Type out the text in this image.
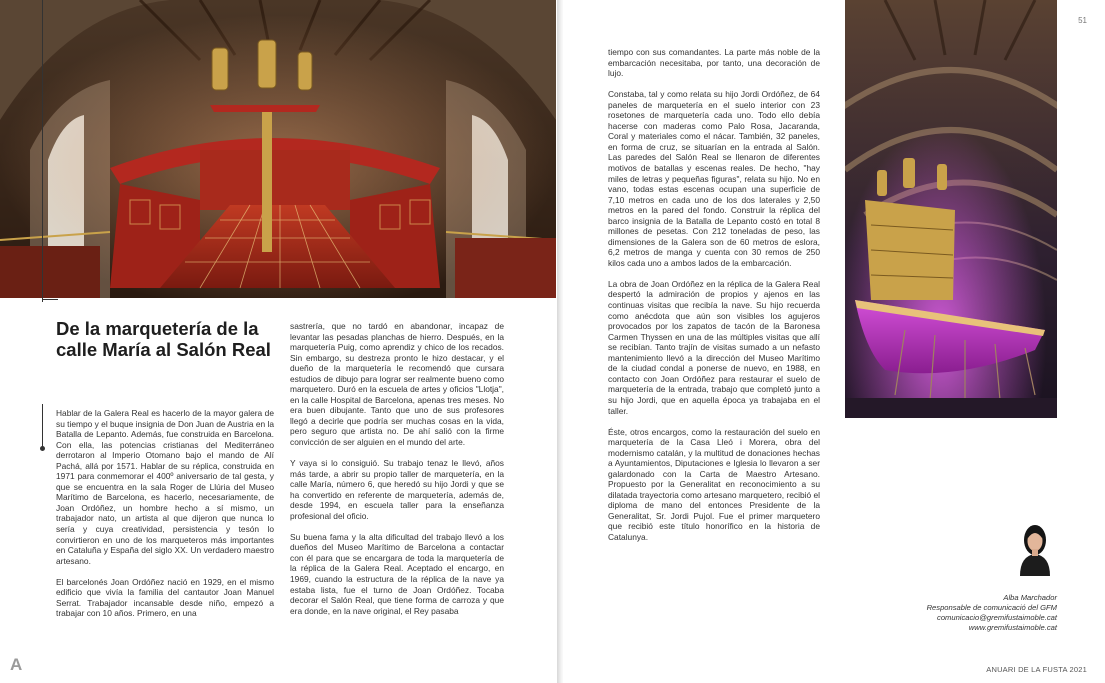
De la marquetería de la calle María al Salón Real

Hablar de la Galera Real es hacerlo de la mayor galera de su tiempo y el buque insignia de Don Juan de Austria en la Batalla de Lepanto. Además, fue construida en Barcelona. Con ella, las potencias cristianas del Mediterráneo derrotaron al Imperio Otomano bajo el mando de Alí Pachá, allá por 1571. Hablar de su réplica, construida en 1971 para conmemorar el 400º aniversario de tal gesta, y que se encuentra en la sala Roger de Llúria del Museo Marítimo de Barcelona, es hacerlo, necesariamente, de Joan Ordóñez, un hombre hecho a sí mismo, un trabajador nato, un artista al que dijeron que nunca lo sería y cuya creatividad, persistencia y tesón lo convirtieron en uno de los marqueteros más importantes en Cataluña y España del siglo XX. Un verdadero maestro artesano.

El barcelonés Joan Ordóñez nació en 1929, en el mismo edificio que vivía la familia del cantautor Joan Manuel Serrat. Trabajador incansable desde niño, empezó a trabajar con 10 años. Primero, en una

sastrería, que no tardó en abandonar, incapaz de levantar las pesadas planchas de hierro. Después, en la marquetería Puig, como aprendiz y chico de los recados. Sin embargo, su destreza pronto le hizo destacar, y el dueño de la marquetería le recomendó que cursara estudios de dibujo para lograr ser realmente bueno como marquetero. Duró en la escuela de artes y oficios "Llotja", en la calle Hospital de Barcelona, apenas tres meses. No era buen dibujante. Tanto que uno de sus profesores llegó a decirle que podría ser muchas cosas en la vida, pero seguro que artista no. De ahí salió con la firme convicción de ser alguien en el mundo del arte.

Y vaya si lo consiguió. Su trabajo tenaz le llevó, años más tarde, a abrir su propio taller de marquetería, en la calle María, número 6, que heredó su hijo Jordi y que se ha convertido en referente de marquetería, además de, desde 1994, en escuela taller para la enseñanza profesional del oficio.

Su buena fama y la alta dificultad del trabajo llevó a los dueños del Museo Marítimo de Barcelona a contactar con él para que se encargara de toda la marquetería de la réplica de la Galera Real. Aceptado el encargo, en 1969, cuando la estructura de la réplica de la nave ya estaba lista, fue el turno de Joan Ordóñez. Tocaba decorar el Salón Real, que tiene forma de carroza y que era donde, en la nave original, el Rey pasaba

A

tiempo con sus comandantes. La parte más noble de la embarcación necesitaba, por tanto, una decoración de lujo.

Constaba, tal y como relata su hijo Jordi Ordóñez, de 64 paneles de marquetería en el suelo interior con 23 rosetones de marquetería cada uno. Todo ello debía hacerse con maderas como Palo Rosa, Jacaranda, Coral y materiales como el nácar. También, 32 paneles, en forma de cruz, se situarían en la entrada al Salón. Las paredes del Salón Real se llenaron de diferentes motivos de batallas y escenas reales. De hecho, "hay miles de letras y pequeñas figuras", relata su hijo. No en vano, todas estas escenas ocupan una superficie de 7,10 metros en cada uno de los dos laterales y 2,50 metros en la pared del fondo. Construir la réplica del barco insignia de la Batalla de Lepanto costó en total 8 millones de pesetas. Con 212 toneladas de peso, las dimensiones de la Galera son de 60 metros de eslora, 6,2 metros de manga y cuenta con 30 remos de 250 kilos cada uno a ambos lados de la embarcación.

La obra de Joan Ordóñez en la réplica de la Galera Real despertó la admiración de propios y ajenos en las continuas visitas que recibía la nave. Su hijo recuerda como anécdota que aún son visibles los agujeros provocados por los zapatos de tacón de la Baronesa Carmen Thyssen en una de las múltiples visitas que allí se recibían. Tanto trajín de visitas sumado a un nefasto mantenimiento llevó a la dirección del Museo Marítimo de la ciudad condal a ponerse de nuevo, en 1988, en contacto con Joan Ordóñez para restaurar el suelo de marquetería de la entrada, trabajo que completó junto a su hijo Jordi, que en aquella época ya trabajaba en el taller.

Éste, otros encargos, como la restauración del suelo en marquetería de la Casa Lleó i Morera, obra del modernismo catalán, y la multitud de donaciones hechas a Ayuntamientos, Diputaciones e Iglesia lo llevaron a ser galardonado con la Carta de Maestro Artesano. Propuesto por la Generalitat en reconocimiento a su dilatada trayectoria como artesano marquetero, recibió el diploma de mano del entonces Presidente de la Generalitat, Sr. Jordi Pujol. Fue el primer marquetero que recibió este título honorífico en la historia de Catalunya.

Alba Marchador
Responsable de comunicació del GFM
comunicacio@gremifustaimoble.cat
www.gremifustaimoble.cat
51
ANUARI DE LA FUSTA 2021
